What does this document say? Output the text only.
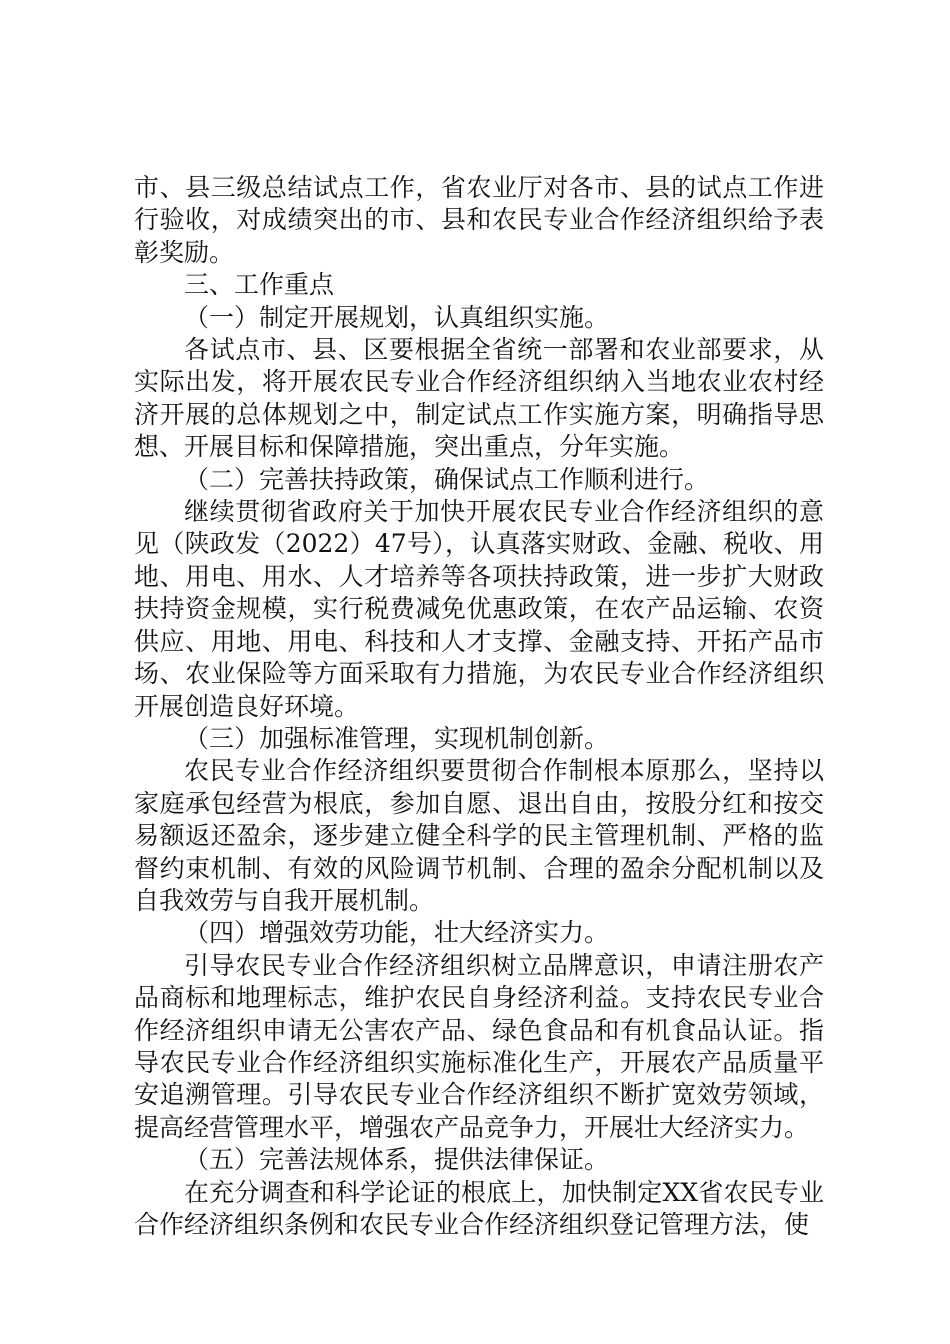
市、县三级总结试点工作，省农业厅对各市、县的试点工作进行验收，对成绩突出的市、县和农民专业合作经济组织给予表彰奖励。

三、工作重点

（一）制定开展规划，认真组织实施。

各试点市、县、区要根据全省统一部署和农业部要求，从实际出发，将开展农民专业合作经济组织纳入当地农业农村经济开展的总体规划之中，制定试点工作实施方案，明确指导思想、开展目标和保障措施，突出重点，分年实施。

（二）完善扶持政策，确保试点工作顺利进行。

继续贯彻省政府关于加快开展农民专业合作经济组织的意见（陕政发（2022）47号），认真落实财政、金融、税收、用地、用电、用水、人才培养等各项扶持政策，进一步扩大财政扶持资金规模，实行税费减免优惠政策，在农产品运输、农资供应、用地、用电、科技和人才支撑、金融支持、开拓产品市场、农业保险等方面采取有力措施，为农民专业合作经济组织开展创造良好环境。

（三）加强标准管理，实现机制创新。

农民专业合作经济组织要贯彻合作制根本原那么，坚持以家庭承包经营为根底，参加自愿、退出自由，按股分红和按交易额返还盈余，逐步建立健全科学的民主管理机制、严格的监督约束机制、有效的风险调节机制、合理的盈余分配机制以及自我效劳与自我开展机制。

（四）增强效劳功能，壮大经济实力。

引导农民专业合作经济组织树立品牌意识，申请注册农产品商标和地理标志，维护农民自身经济利益。支持农民专业合作经济组织申请无公害农产品、绿色食品和有机食品认证。指导农民专业合作经济组织实施标准化生产，开展农产品质量平安追溯管理。引导农民专业合作经济组织不断扩宽效劳领域，提高经营管理水平，增强农产品竞争力，开展壮大经济实力。

（五）完善法规体系，提供法律保证。

在充分调查和科学论证的根底上，加快制定XX省农民专业合作经济组织条例和农民专业合作经济组织登记管理方法，使
